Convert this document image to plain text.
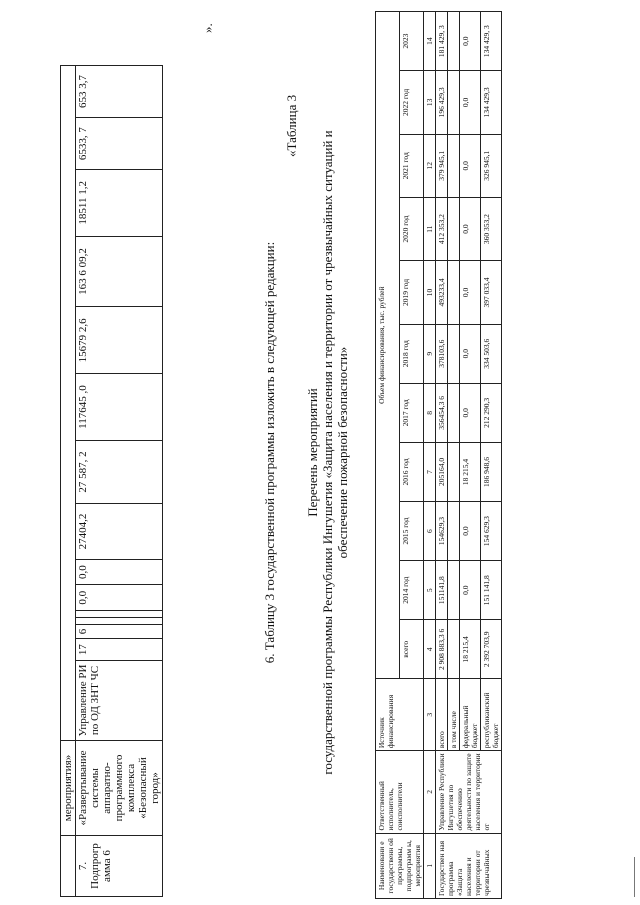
	мероприятия»															

7. Подпрогр амма 6	«Развертывание системы аппаратно-программного комплекса «Безопасный город»	Управление РИ по ОД ЗНТ ЧС	17	6			0,0	0,0	27404,2	27 587, 2	117645 ,0	15679 2,6	163 6 09,2	18511 1,2	6533, 7	653 3,7
».
6. Таблицу 3 государственной программы изложить в следующей редакции:
«Таблица 3
Перечень мероприятий государственной программы Республики Ингушетия «Защита населения и территории от чрезвычайных ситуаций и обеспечение пожарной безопасности»
Наименовани е государственн ой программы, подпрограмм ы, мероприятия	Ответственный исполнитель, соисполнители	Источник финансирования	Объем финансирования, тыс. рублей										
			всего	2014 год	2015 год	2016 год	2017 год	2018 год	2019 год	2020 год	2021 год	2022 год	2023
1	2	3	4	5	6	7	8	9	10	11	12	13	14
Государствен ная программа «Защита населения и территории от чрезвычайных	Управление Республики Ингушетия по обеспечению деятельности по защите населения и территории от	всего	2 908 883,3 6	151141,8	154629,3	205164,0	356454,3 6	378103,6	493233,4	412 353,2	379 945,1	196 429,3	181 429, 3
		в том числе											
		федеральный бюджет	18 215,4	0,0	0,0	18 215,4	0,0	0,0	0,0	0,0	0,0	0,0	0,0
		республиканский бюджет	2 392 703,9	151 141,8	154 629,3	186 948,6	212 290,3	334 503,6	397 033,4	360 353,2	326 945,1	134 429,3	134 429, 3
